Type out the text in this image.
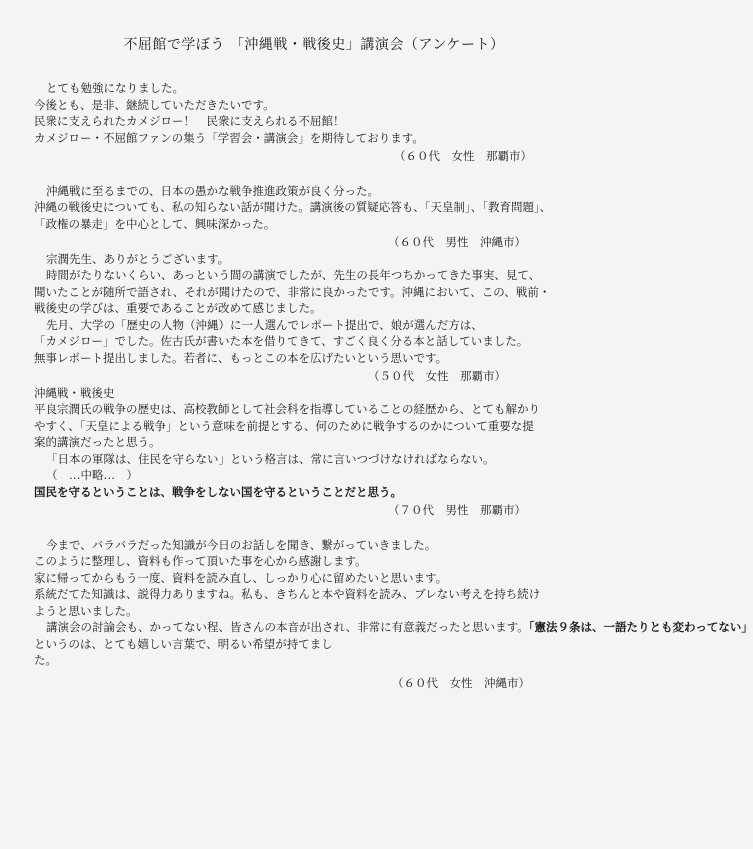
不屈館で学ぼう 「沖縄戦・戦後史」講演会（アンケート）

とても勉強になりました。

今後とも、是非、継続していただきたいです。

民衆に支えられたカメジロー！　民衆に支えられる不屈館！

カメジロー・不屈館ファンの集う「学習会・講演会」を期待しております。

（６０代　女性　那覇市）

沖縄戦に至るまでの、日本の愚かな戦争推進政策が良く分った。

沖縄の戦後史についても、私の知らない話が聞けた。講演後の質疑応答も、「天皇制」、「教育問題」、

「政権の暴走」を中心として、興味深かった。

（６０代　男性　沖縄市）

宗潤先生、ありがとうございます。

時間がたりないくらい、あっという間の講演でしたが、先生の長年つちかってきた事実、見て、

聞いたことが随所で語され、それが聞けたので、非常に良かったです。沖縄において、この、戦前・

戦後史の学びは、重要であることが改めて感じました。

先月、大学の「歴史の人物（沖縄）に一人選んでレポート提出で、娘が選んだ方は、

「カメジロー」でした。佐古氏が書いた本を借りてきて、すごく良く分る本と話していました。

無事レポート提出しました。若者に、もっとこの本を広げたいという思いです。

（５０代　女性　那覇市）

沖縄戦・戦後史

平良宗潤氏の戦争の歴史は、高校教師として社会科を指導していることの経歴から、とても解かり

やすく、「天皇による戦争」という意味を前提とする、何のために戦争するのかについて重要な提

案的講演だったと思う。

「日本の軍隊は、住民を守らない」という格言は、常に言いつづけなければならない。

（　…中略…　）

国民を守るということは、戦争をしない国を守るということだと思う。

（７０代　男性　那覇市）

今まで、バラバラだった知識が今日のお話しを聞き、繋がっていきました。

このように整理し、資料も作って頂いた事を心から感謝します。

家に帰ってからもう一度、資料を読み直し、しっかり心に留めたいと思います。

系統だてた知識は、説得力ありますね。私も、きちんと本や資料を読み、ブレない考えを持ち続け

ようと思いました。

講演会の討論会も、かってない程、皆さんの本音が出され、非常に有意義だったと思います。「憲法９条は、一語たりとも変わってない」

というのは、とても嬉しい言葉で、明るい希望が持てまし

た。

（６０代　女性　沖縄市）
